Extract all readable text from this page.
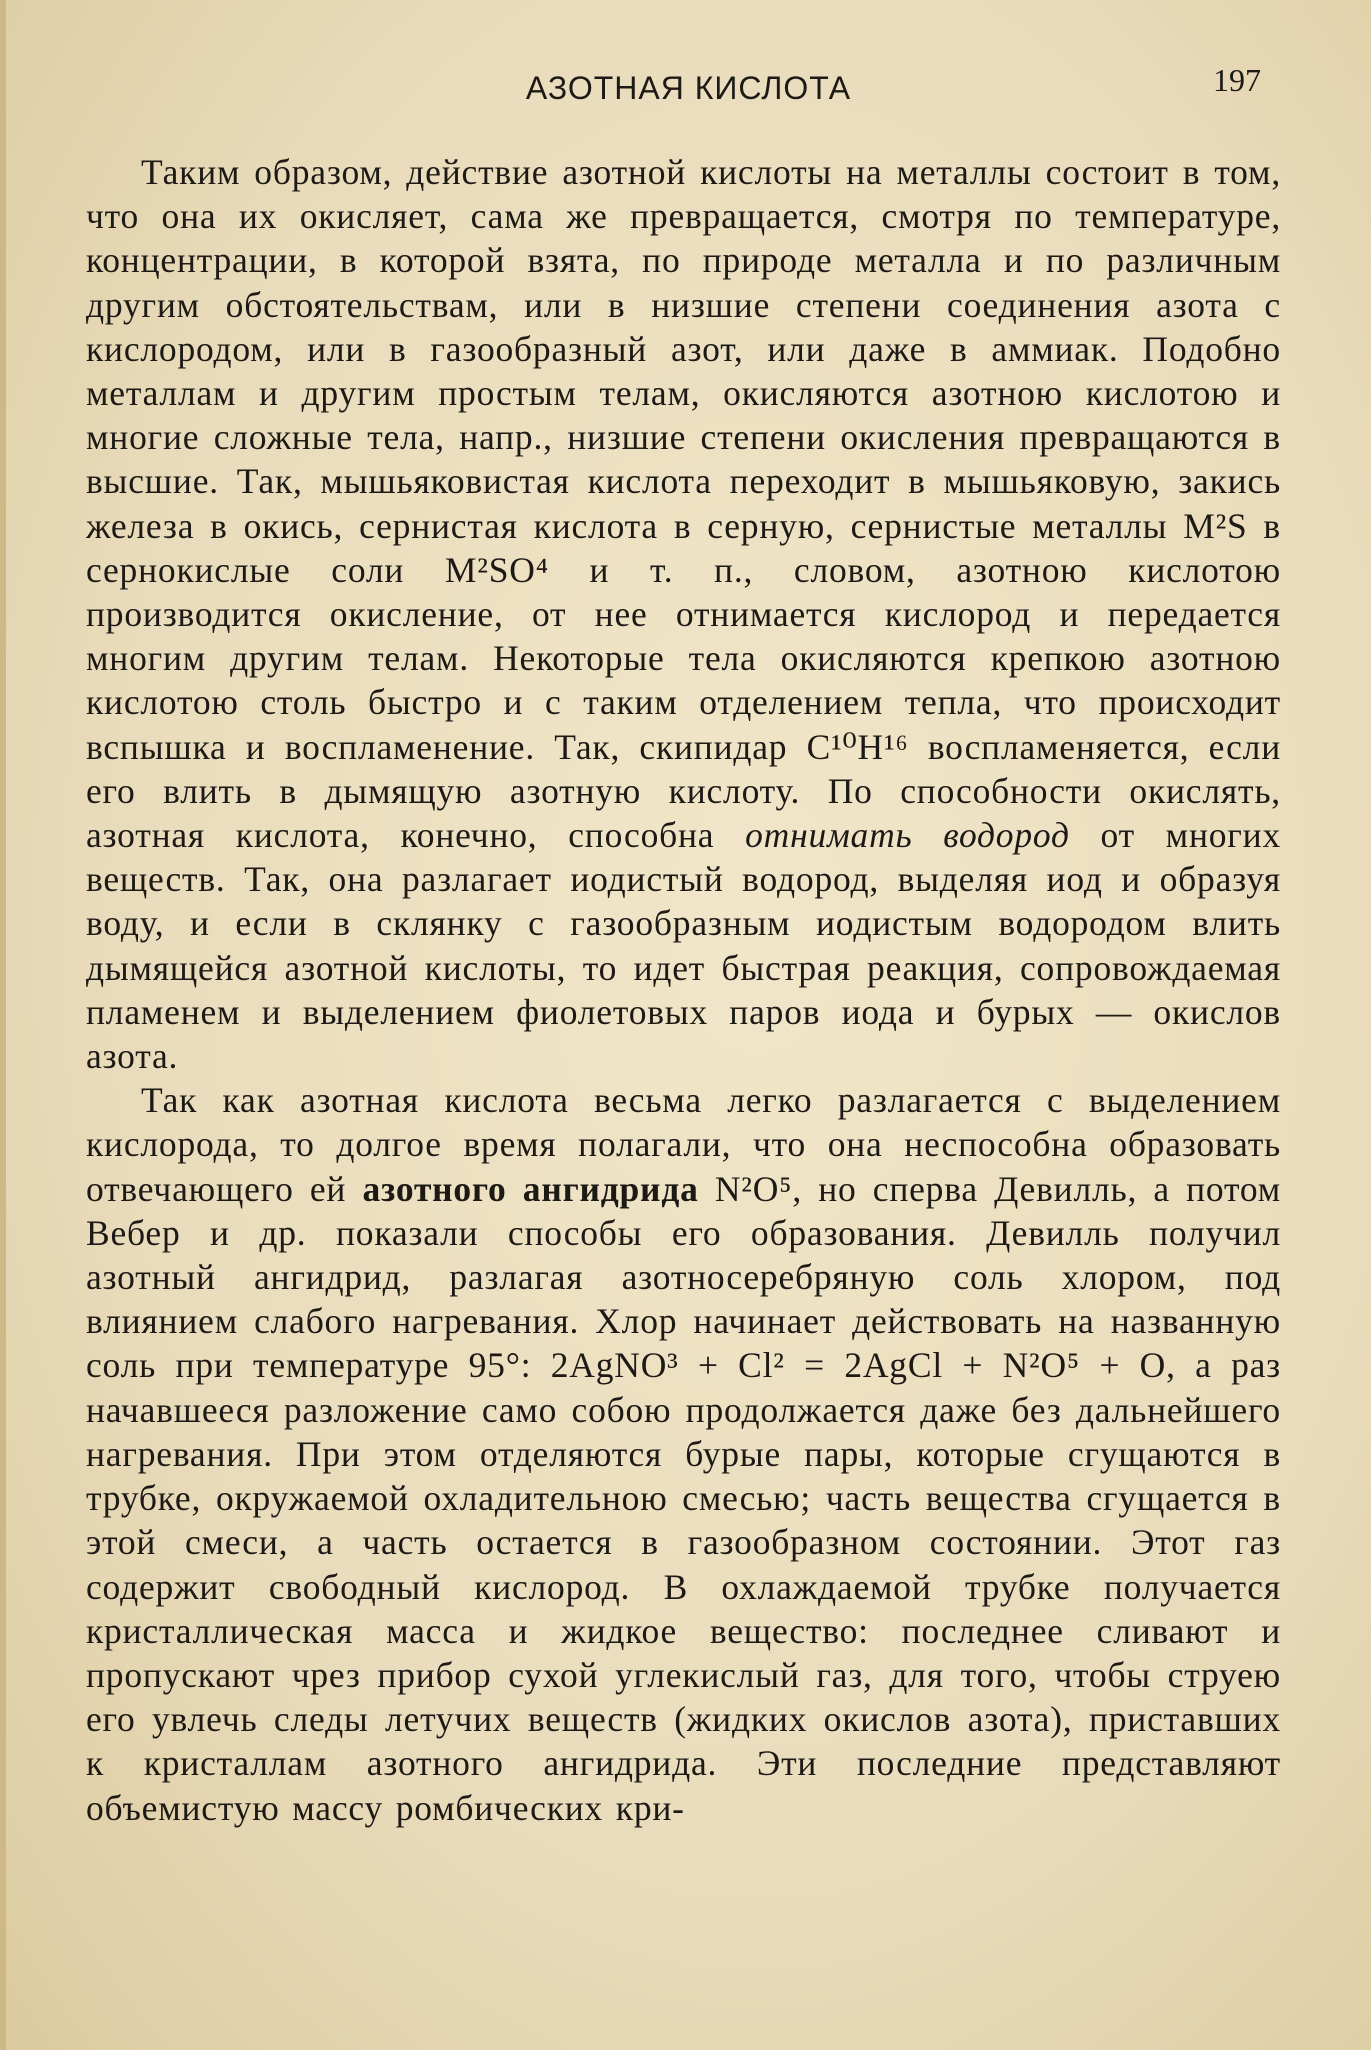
АЗОТНАЯ КИСЛОТА	197

Таким образом, действие азотной кислоты на металлы состоит в том, что она их окисляет, сама же превращается, смотря по температуре, концентрации, в которой взята, по природе металла и по различным другим обстоятельствам, или в низшие степени соединения азота с кислородом, или в газообразный азот, или даже в аммиак. Подобно металлам и другим простым телам, окисляются азотною кислотою и многие сложные тела, напр., низшие степени окисления превращаются в высшие. Так, мышьяковистая кислота переходит в мышьяковую, закись железа в окись, сернистая кислота в серную, сернистые металлы M²S в сернокислые соли M²SO⁴ и т. п., словом, азотною кислотою производится окисление, от нее отнимается кислород и передается многим другим телам. Некоторые тела окисляются крепкою азотною кислотою столь быстро и с таким отделением тепла, что происходит вспышка и воспламенение. Так, скипидар C¹⁰H¹⁶ воспламеняется, если его влить в дымящую азотную кислоту. По способности окислять, азотная кислота, конечно, способна отнимать водород от многих веществ. Так, она разлагает иодистый водород, выделяя иод и образуя воду, и если в склянку с газообразным иодистым водородом влить дымящейся азотной кислоты, то идет быстрая реакция, сопровождаемая пламенем и выделением фиолетовых паров иода и бурых — окислов азота.

Так как азотная кислота весьма легко разлагается с выделением кислорода, то долгое время полагали, что она неспособна образовать отвечающего ей азотного ангидрида N²O⁵, но сперва Девилль, а потом Вебер и др. показали способы его образования. Девилль получил азотный ангидрид, разлагая азотносеребряную соль хлором, под влиянием слабого нагревания. Хлор начинает действовать на названную соль при температуре 95°: 2AgNO³ + Cl² = 2AgCl + N²O⁵ + O, а раз начавшееся разложение само собою продолжается даже без дальнейшего нагревания. При этом отделяются бурые пары, которые сгущаются в трубке, окружаемой охладительною смесью; часть вещества сгущается в этой смеси, а часть остается в газообразном состоянии. Этот газ содержит свободный кислород. В охлаждаемой трубке получается кристаллическая масса и жидкое вещество: последнее сливают и пропускают чрез прибор сухой углекислый газ, для того, чтобы струею его увлечь следы летучих веществ (жидких окислов азота), приставших к кристаллам азотного ангидрида. Эти последние представляют объемистую массу ромбических кри-
